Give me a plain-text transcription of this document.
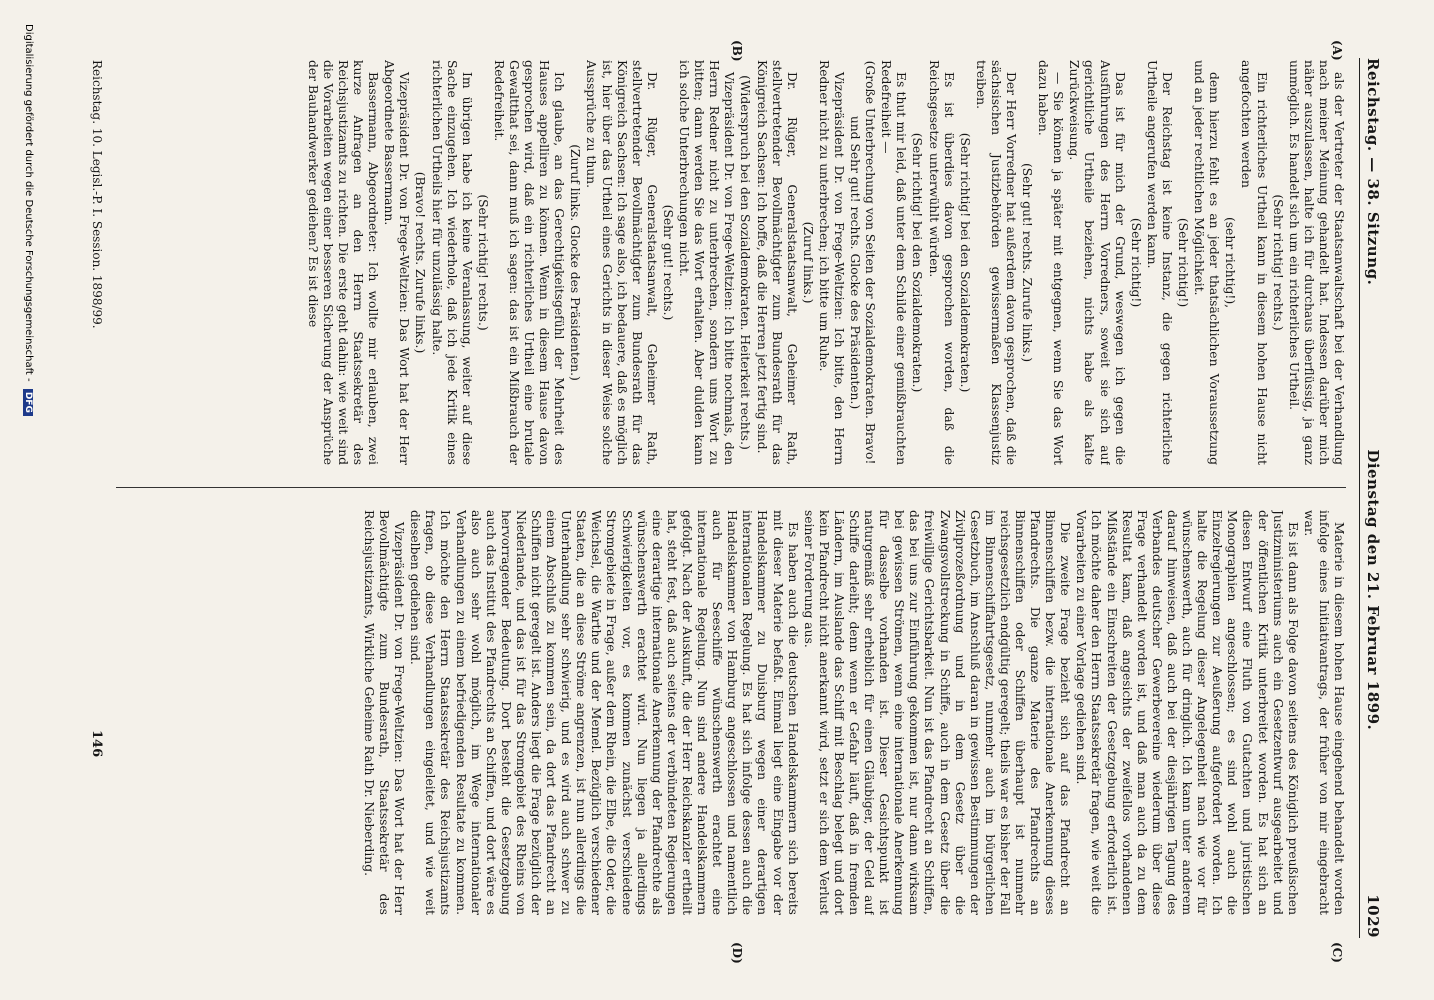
Reichstag. — 38. Sitzung.
Dienstag den 21. Februar 1899.
1029
(A)
(B)
(C)
(D)

als der Vertreter der Staatsanwaltschaft bei der Verhandlung nach meiner Meinung gehandelt hat. Indessen darüber mich näher auszulassen, halte ich für durchaus überflüssig, ja ganz unmöglich. Es handelt sich um ein richterliches Urtheil.

(Sehr richtig! rechts.)

Ein richterliches Urtheil kann in diesem hohen Hause nicht angefochten werden

(sehr richtig!),

denn hierzu fehlt es an jeder thatsächlichen Voraussetzung und an jeder rechtlichen Möglichkeit.

(Sehr richtig!)

Der Reichstag ist keine Instanz, die gegen richterliche Urtheile angerufen werden kann.

(Sehr richtig!)

Das ist für mich der Grund, weswegen ich gegen die Ausführungen des Herrn Vorredners, soweit sie sich auf gerichtliche Urtheile beziehen, nichts habe als kalte Zurückweisung.

— Sie können ja später mit entgegnen, wenn Sie das Wort dazu haben.

(Sehr gut! rechts. Zurufe links.)

Der Herr Vorredner hat außerdem davon gesprochen, daß die sächsischen Justizbehörden gewissermaßen Klassenjustiz treiben.

(Sehr richtig! bei den Sozialdemokraten.)

Es ist überdies davon gesprochen worden, daß die Reichsgesetze unterwühlt würden.

(Sehr richtig! bei den Sozialdemokraten.)

Es thut mir leid, daß unter dem Schilde einer gemißbrauchten Redefreiheit —

(Große Unterbrechung von Seiten der Sozialdemokraten. Bravo! und Sehr gut! rechts. Glocke des Präsidenten.)

Vizepräsident Dr. von Frege-Weltzien: Ich bitte, den Herrn Redner nicht zu unterbrechen; ich bitte um Ruhe.

(Zuruf links.)

Dr. Rüger, Generalstaatsanwalt, Geheimer Rath, stellvertretender Bevollmächtigter zum Bundesrath für das Königreich Sachsen: Ich hoffe, daß die Herren jetzt fertig sind.

(Widerspruch bei den Sozialdemokraten. Heiterkeit rechts.)

Vizepräsident Dr. von Frege-Weltzien: Ich bitte nochmals, den Herrn Redner nicht zu unterbrechen, sondern ums Wort zu bitten; dann werden Sie das Wort erhalten. Aber dulden kann ich solche Unterbrechungen nicht.

(Sehr gut! rechts.)

Dr. Rüger, Generalstaatsanwalt, Geheimer Rath, stellvertretender Bevollmächtigter zum Bundesrath für das Königreich Sachsen: Ich sage also, ich bedauere, daß es möglich ist, hier über das Urtheil eines Gerichts in dieser Weise solche Aussprüche zu thun.

(Zuruf links. Glocke des Präsidenten.)

Ich glaube, an das Gerechtigkeitsgefühl der Mehrheit des Hauses appelliren zu können. Wenn in diesem Hause davon gesprochen wird, daß ein richterliches Urtheil eine brutale Gewaltthat sei, dann muß ich sagen: das ist ein Mißbrauch der Redefreiheit.

(Sehr richtig! rechts.)

Im übrigen habe ich keine Veranlassung, weiter auf diese Sache einzugehen. Ich wiederhole, daß ich jede Kritik eines richterlichen Urtheils hier für unzulässig halte.

(Bravo! rechts. Zurufe links.)

Vizepräsident Dr. von Frege-Weltzien: Das Wort hat der Herr Abgeordnete Bassermann.

Bassermann, Abgeordneter: Ich wollte mir erlauben, zwei kurze Anfragen an den Herrn Staatssekretär des Reichsjustizamts zu richten. Die erste geht dahin: wie weit sind die Vorarbeiten wegen einer besseren Sicherung der Ansprüche der Bauhandwerker gediehen? Es ist diese

Materie in diesem hohen Hause eingehend behandelt worden infolge eines Initiativantrags, der früher von mir eingebracht war.

Es ist dann als Folge davon seitens des Königlich preußischen Justizministeriums auch ein Gesetzentwurf ausgearbeitet und der öffentlichen Kritik unterbreitet worden. Es hat sich an diesen Entwurf eine Fluth von Gutachten und juristischen Monographien angeschlossen; es sind wohl auch die Einzelregierungen zur Aeußerung aufgefordert worden. Ich halte die Regelung dieser Angelegenheit nach wie vor für wünschenswerth, auch für dringlich. Ich kann unter anderem darauf hinweisen, daß auch bei der diesjährigen Tagung des Verbandes deutscher Gewerbevereine wiederum über diese Frage verhandelt worden ist, und daß man auch da zu dem Resultat kam, daß angesichts der zweifellos vorhandenen Mißstände ein Einschreiten der Gesetzgebung erforderlich ist. Ich möchte daher den Herrn Staatssekretär fragen, wie weit die Vorarbeiten zu einer Vorlage gediehen sind.

Die zweite Frage bezieht sich auf das Pfandrecht an Binnenschiffen bezw. die internationale Anerkennung dieses Pfandrechts. Die ganze Materie des Pfandrechts an Binnenschiffen oder Schiffen überhaupt ist nunmehr reichsgesetzlich endgültig geregelt; theils war es bisher der Fall im Binnenschiffahrtsgesetz, nunmehr auch im bürgerlichen Gesetzbuch, im Anschluß daran in gewissen Bestimmungen der Zivilprozeßordnung und in dem Gesetz über die Zwangsvollstreckung in Schiffe, auch in dem Gesetz über die freiwillige Gerichtsbarkeit. Nun ist das Pfandrecht an Schiffen, das bei uns zur Einführung gekommen ist, nur dann wirksam bei gewissen Strömen, wenn eine internationale Anerkennung für dasselbe vorhanden ist. Dieser Gesichtspunkt ist naturgemäß sehr erheblich für einen Gläubiger, der Geld auf Schiffe darleiht; denn wenn er Gefahr läuft, daß in fremden Ländern, im Auslande das Schiff mit Beschlag belegt und dort kein Pfandrecht nicht anerkannt wird, setzt er sich dem Verlust seiner Forderung aus.

Es haben auch die deutschen Handelskammern sich bereits mit dieser Materie befaßt. Einmal liegt eine Eingabe vor der Handelskammer zu Duisburg wegen einer derartigen internationalen Regelung. Es hat sich infolge dessen auch die Handelskammer von Hamburg angeschlossen und namentlich auch für Seeschiffe wünschenswerth erachtet eine internationale Regelung. Nun sind andere Handelskammern gefolgt. Nach der Auskunft, die der Herr Reichskanzler ertheilt hat, steht fest, daß auch seitens der verbündeten Regierungen eine derartige internationale Anerkennung der Pfandrechte als wünschenswerth erachtet wird. Nun liegen ja allerdings Schwierigkeiten vor, es kommen zunächst verschiedene Stromgebiete in Frage, außer dem Rhein, die Elbe, die Oder, die Weichsel, die Warthe und der Memel. Bezüglich verschiedener Staaten, die an diese Ströme angrenzen, ist nun allerdings die Unterhandlung sehr schwierig, und es wird auch schwer zu einem Abschluß zu kommen sein, da dort das Pfandrecht an Schiffen nicht geregelt ist. Anders liegt die Frage bezüglich der Niederlande, und das ist für das Stromgebiet des Rheins von hervorragender Bedeutung. Dort besteht die Gesetzgebung auch das Institut des Pfandrechts an Schiffen, und dort wäre es also auch sehr wohl möglich, im Wege internationaler Verhandlungen zu einem befriedigenden Resultate zu kommen. Ich möchte den Herrn Staatssekretär des Reichsjustizamts fragen, ob diese Verhandlungen eingeleitet, und wie weit dieselben gediehen sind.

Vizepräsident Dr. von Frege-Weltzien: Das Wort hat der Herr Bevollmächtigte zum Bundesrath, Staatssekretär des Reichsjustizamts, Wirkliche Geheime Rath Dr. Nieberding.

Reichstag. 10. Legisl.-P. I. Session. 1898/99.
146
Digitalisierung gefördert durch die Deutsche Forschungsgemeinschaft - DFG
